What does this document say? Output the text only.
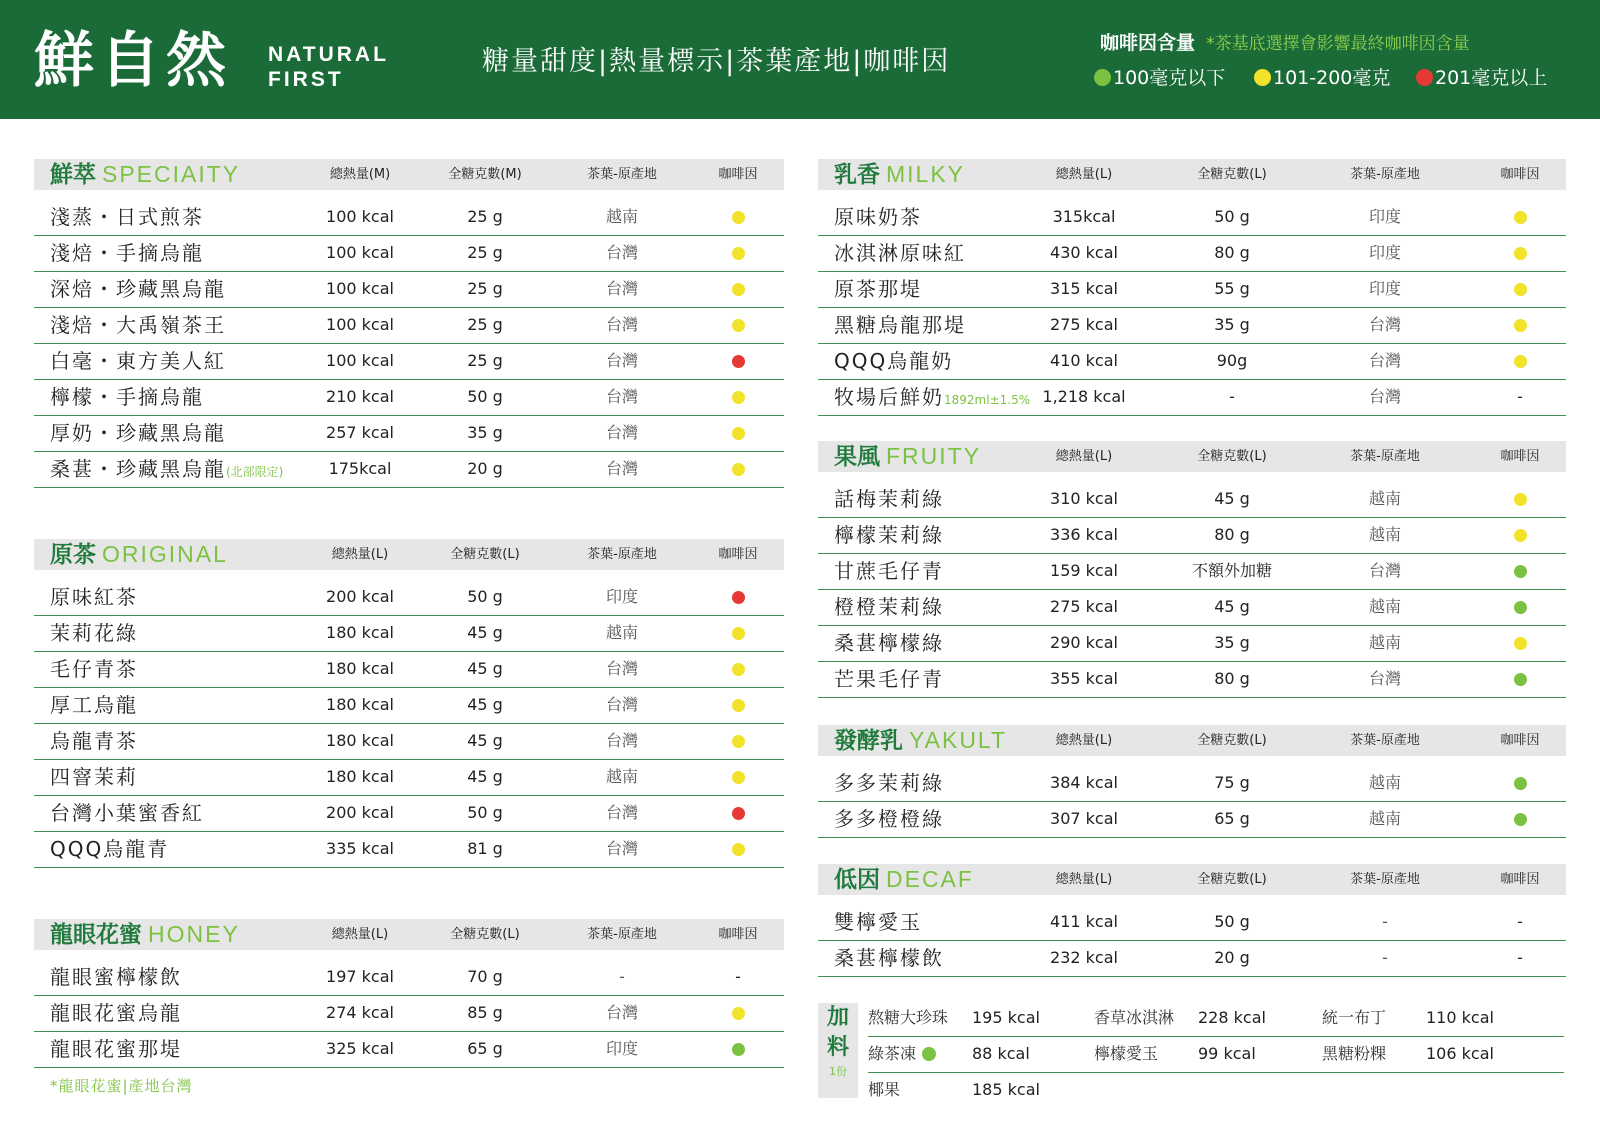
鮮自然 NATURAL
FIRST
糖量甜度|熱量標示|茶葉產地|咖啡因
咖啡因含量 *茶基底選擇會影響最終咖啡因含量
100毫克以下	101-200毫克	201毫克以上
鮮萃 SPECIAITY	總熱量(M)	全糖克數(M)	茶葉-原產地	咖啡因
淺蒸・日式煎茶	100 kcal	25 g	越南
淺焙・手摘烏龍	100 kcal	25 g	台灣
深焙・珍藏黑烏龍	100 kcal	25 g	台灣
淺焙・大禹嶺茶王	100 kcal	25 g	台灣
白毫・東方美人紅	100 kcal	25 g	台灣
檸檬・手摘烏龍	210 kcal	50 g	台灣
厚奶・珍藏黑烏龍	257 kcal	35 g	台灣
桑葚・珍藏黑烏龍(北部限定)	175kcal	20 g	台灣
原茶 ORIGINAL	總熱量(L)	全糖克數(L)	茶葉-原產地	咖啡因
原味紅茶	200 kcal	50 g	印度
茉莉花綠	180 kcal	45 g	越南
毛仔青茶	180 kcal	45 g	台灣
厚工烏龍	180 kcal	45 g	台灣
烏龍青茶	180 kcal	45 g	台灣
四窨茉莉	180 kcal	45 g	越南
台灣小葉蜜香紅	200 kcal	50 g	台灣
QQQ烏龍青	335 kcal	81 g	台灣
龍眼花蜜 HONEY	總熱量(L)	全糖克數(L)	茶葉-原產地	咖啡因
龍眼蜜檸檬飲	197 kcal	70 g	-	-
龍眼花蜜烏龍	274 kcal	85 g	台灣
龍眼花蜜那堤	325 kcal	65 g	印度
*龍眼花蜜|產地台灣
乳香 MILKY	總熱量(L)	全糖克數(L)	茶葉-原產地	咖啡因
原味奶茶	315kcal	50 g	印度
冰淇淋原味紅	430 kcal	80 g	印度
原茶那堤	315 kcal	55 g	印度
黑糖烏龍那堤	275 kcal	35 g	台灣
QQQ烏龍奶	410 kcal	90g	台灣
牧場后鮮奶1892ml±1.5% 1,218 kcal	-	台灣	-
果風 FRUITY	總熱量(L)	全糖克數(L)	茶葉-原產地	咖啡因
話梅茉莉綠	310 kcal	45 g	越南
檸檬茉莉綠	336 kcal	80 g	越南
甘蔗毛仔青	159 kcal	不額外加糖	台灣
橙橙茉莉綠	275 kcal	45 g	越南
桑葚檸檬綠	290 kcal	35 g	越南
芒果毛仔青	355 kcal	80 g	台灣
發酵乳 YAKULT	總熱量(L)	全糖克數(L)	茶葉-原產地	咖啡因
多多茉莉綠	384 kcal	75 g	越南
多多橙橙綠	307 kcal	65 g	越南
低因 DECAF	總熱量(L)	全糖克數(L)	茶葉-原產地	咖啡因
雙檸愛玉	411 kcal	50 g	-	-
桑葚檸檬飲	232 kcal	20 g	-	-
加
料
1份
熬糖大珍珠 195 kcal	香草冰淇淋 228 kcal	統一布丁 110 kcal
綠茶凍	88 kcal	檸檬愛玉 99 kcal	黑糖粉粿 106 kcal
椰果	185 kcal
